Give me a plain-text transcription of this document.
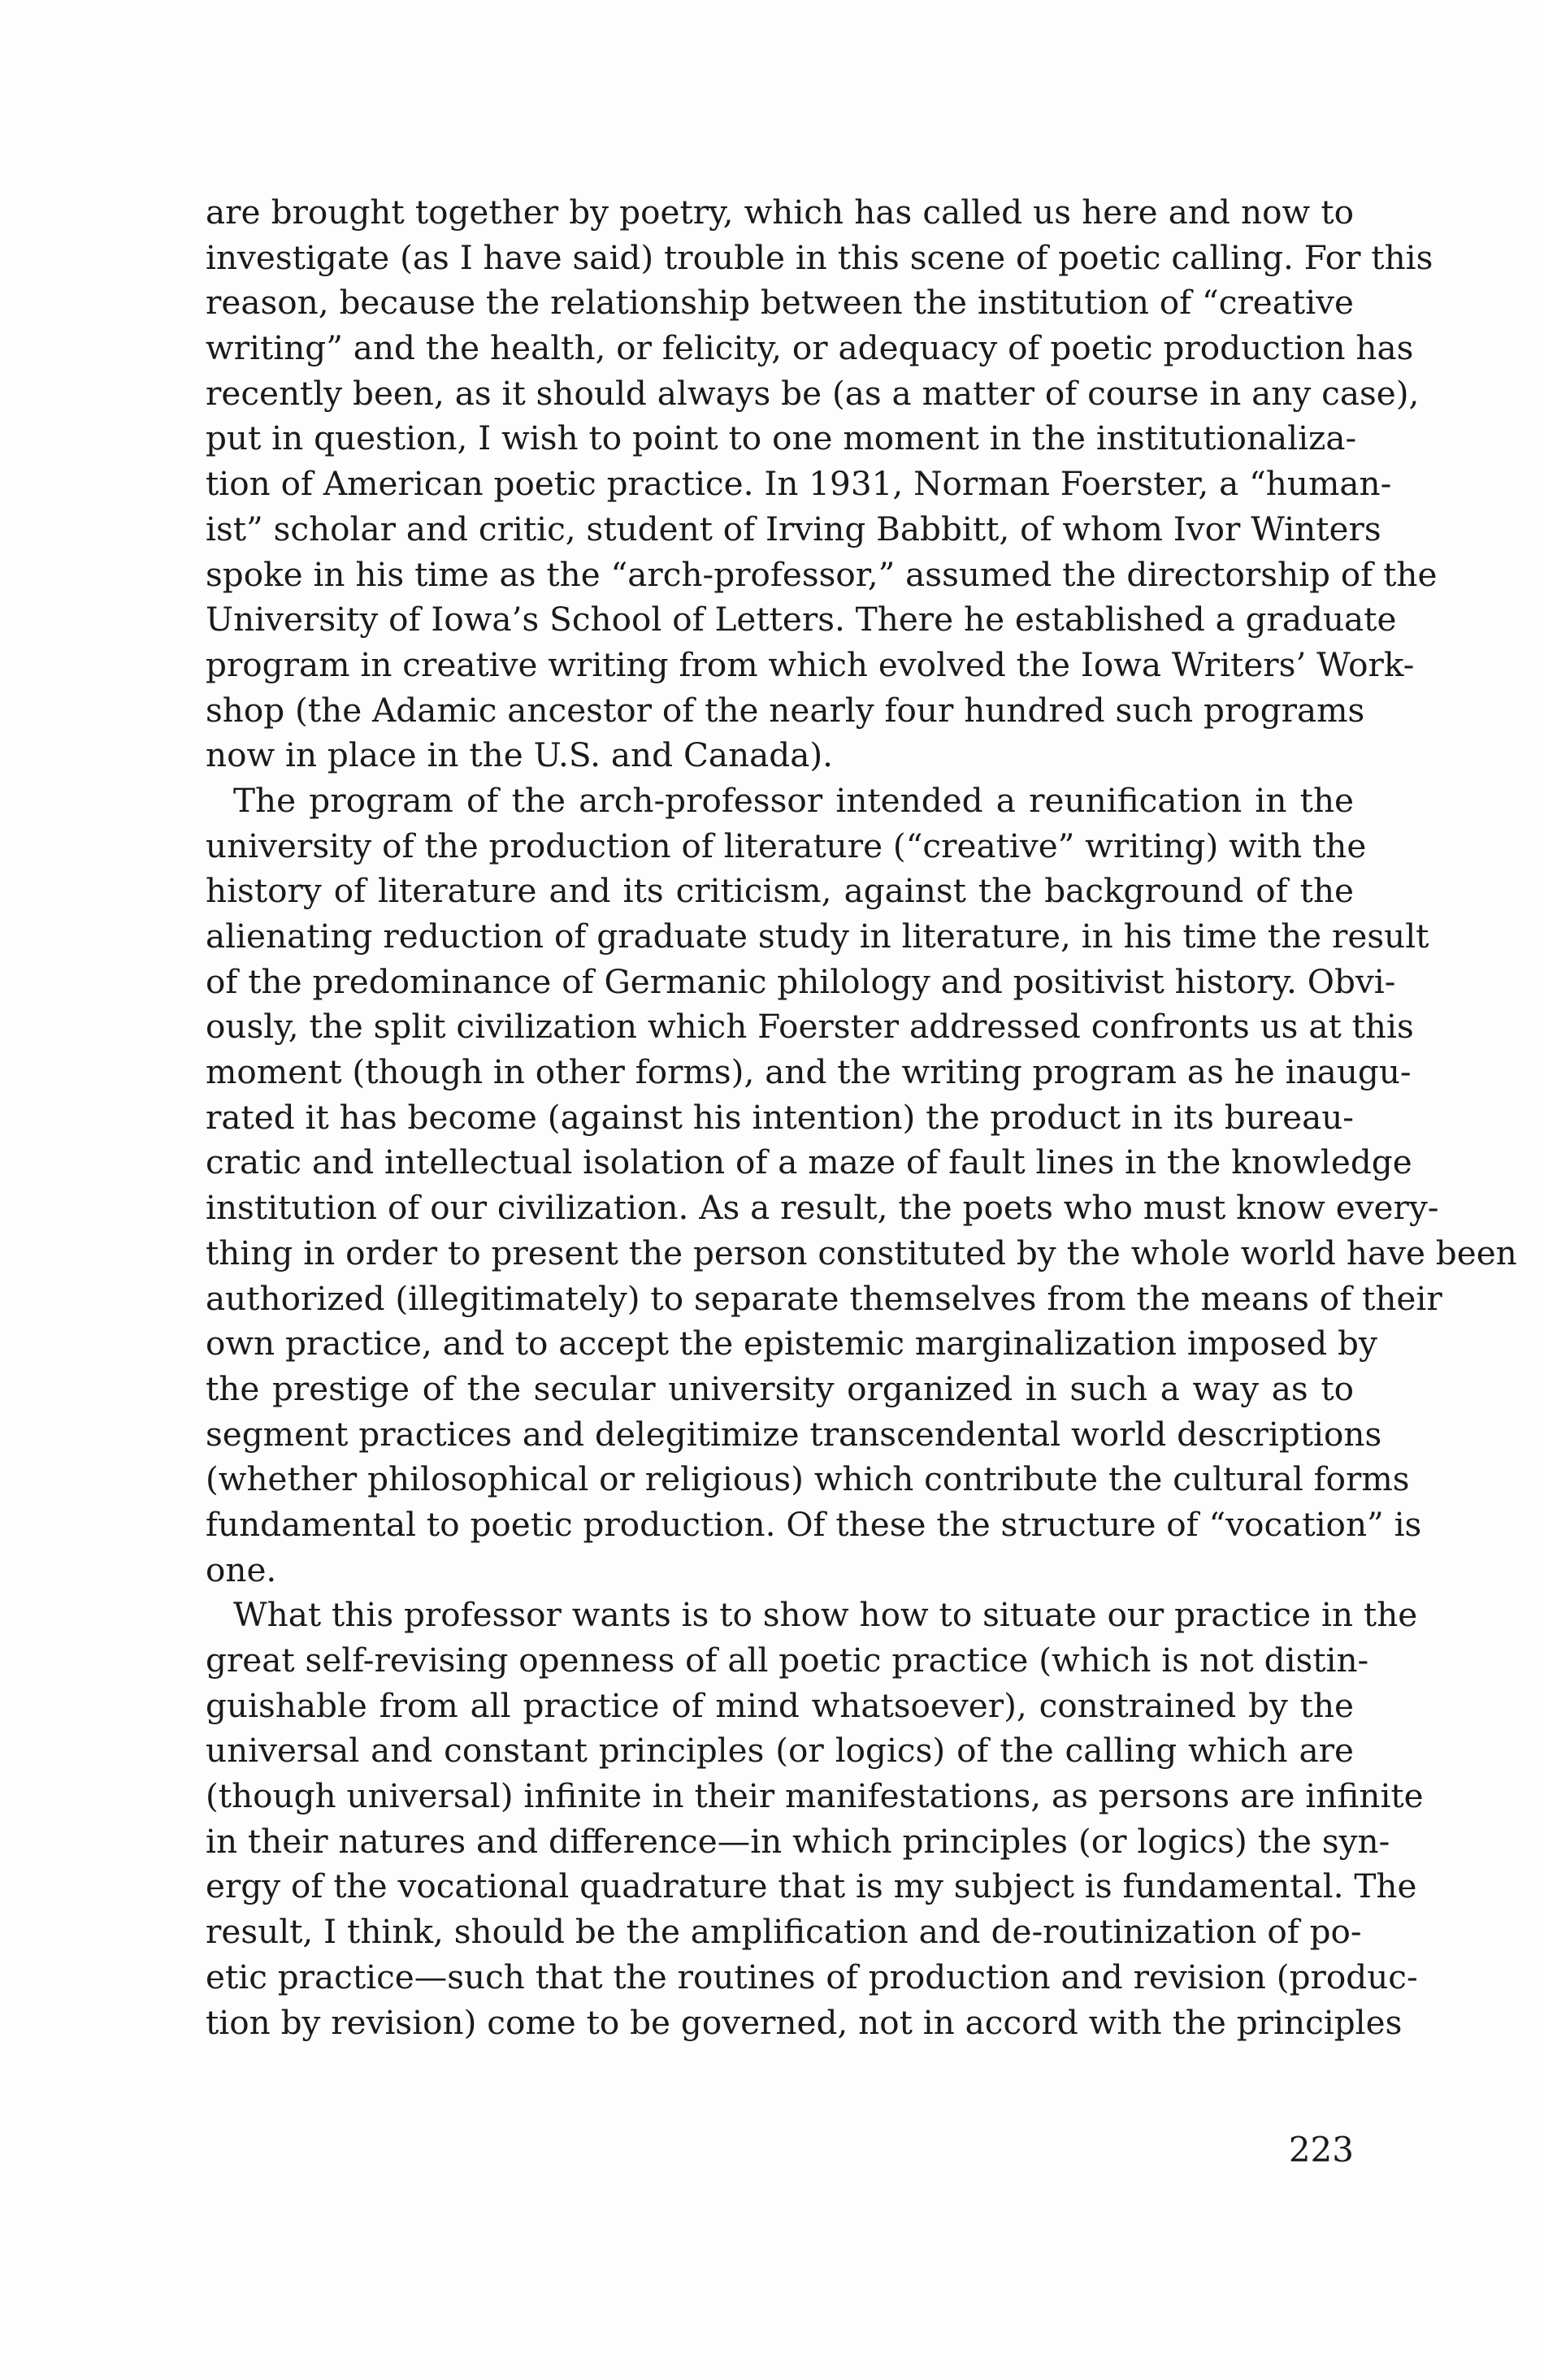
are brought together by poetry, which has called us here and now to
investigate (as I have said) trouble in this scene of poetic calling. For this
reason, because the relationship between the institution of “creative
writing” and the health, or felicity, or adequacy of poetic production has
recently been, as it should always be (as a matter of course in any case),
put in question, I wish to point to one moment in the institutionaliza-
tion of American poetic practice. In 1931, Norman Foerster, a “human-
ist” scholar and critic, student of Irving Babbitt, of whom Ivor Winters
spoke in his time as the “arch-professor,” assumed the directorship of the
University of Iowa’s School of Letters. There he established a graduate
program in creative writing from which evolved the Iowa Writers’ Work-
shop (the Adamic ancestor of the nearly four hundred such programs
now in place in the U.S. and Canada).
The program of the arch-professor intended a reunification in the
university of the production of literature (“creative” writing) with the
history of literature and its criticism, against the background of the
alienating reduction of graduate study in literature, in his time the result
of the predominance of Germanic philology and positivist history. Obvi-
ously, the split civilization which Foerster addressed confronts us at this
moment (though in other forms), and the writing program as he inaugu-
rated it has become (against his intention) the product in its bureau-
cratic and intellectual isolation of a maze of fault lines in the knowledge
institution of our civilization. As a result, the poets who must know every-
thing in order to present the person constituted by the whole world have been
authorized (illegitimately) to separate themselves from the means of their
own practice, and to accept the epistemic marginalization imposed by
the prestige of the secular university organized in such a way as to
segment practices and delegitimize transcendental world descriptions
(whether philosophical or religious) which contribute the cultural forms
fundamental to poetic production. Of these the structure of “vocation” is
one.
What this professor wants is to show how to situate our practice in the
great self-revising openness of all poetic practice (which is not distin-
guishable from all practice of mind whatsoever), constrained by the
universal and constant principles (or logics) of the calling which are
(though universal) infinite in their manifestations, as persons are infinite
in their natures and difference—in which principles (or logics) the syn-
ergy of the vocational quadrature that is my subject is fundamental. The
result, I think, should be the amplification and de-routinization of po-
etic practice—such that the routines of production and revision (produc-
tion by revision) come to be governed, not in accord with the principles
223
